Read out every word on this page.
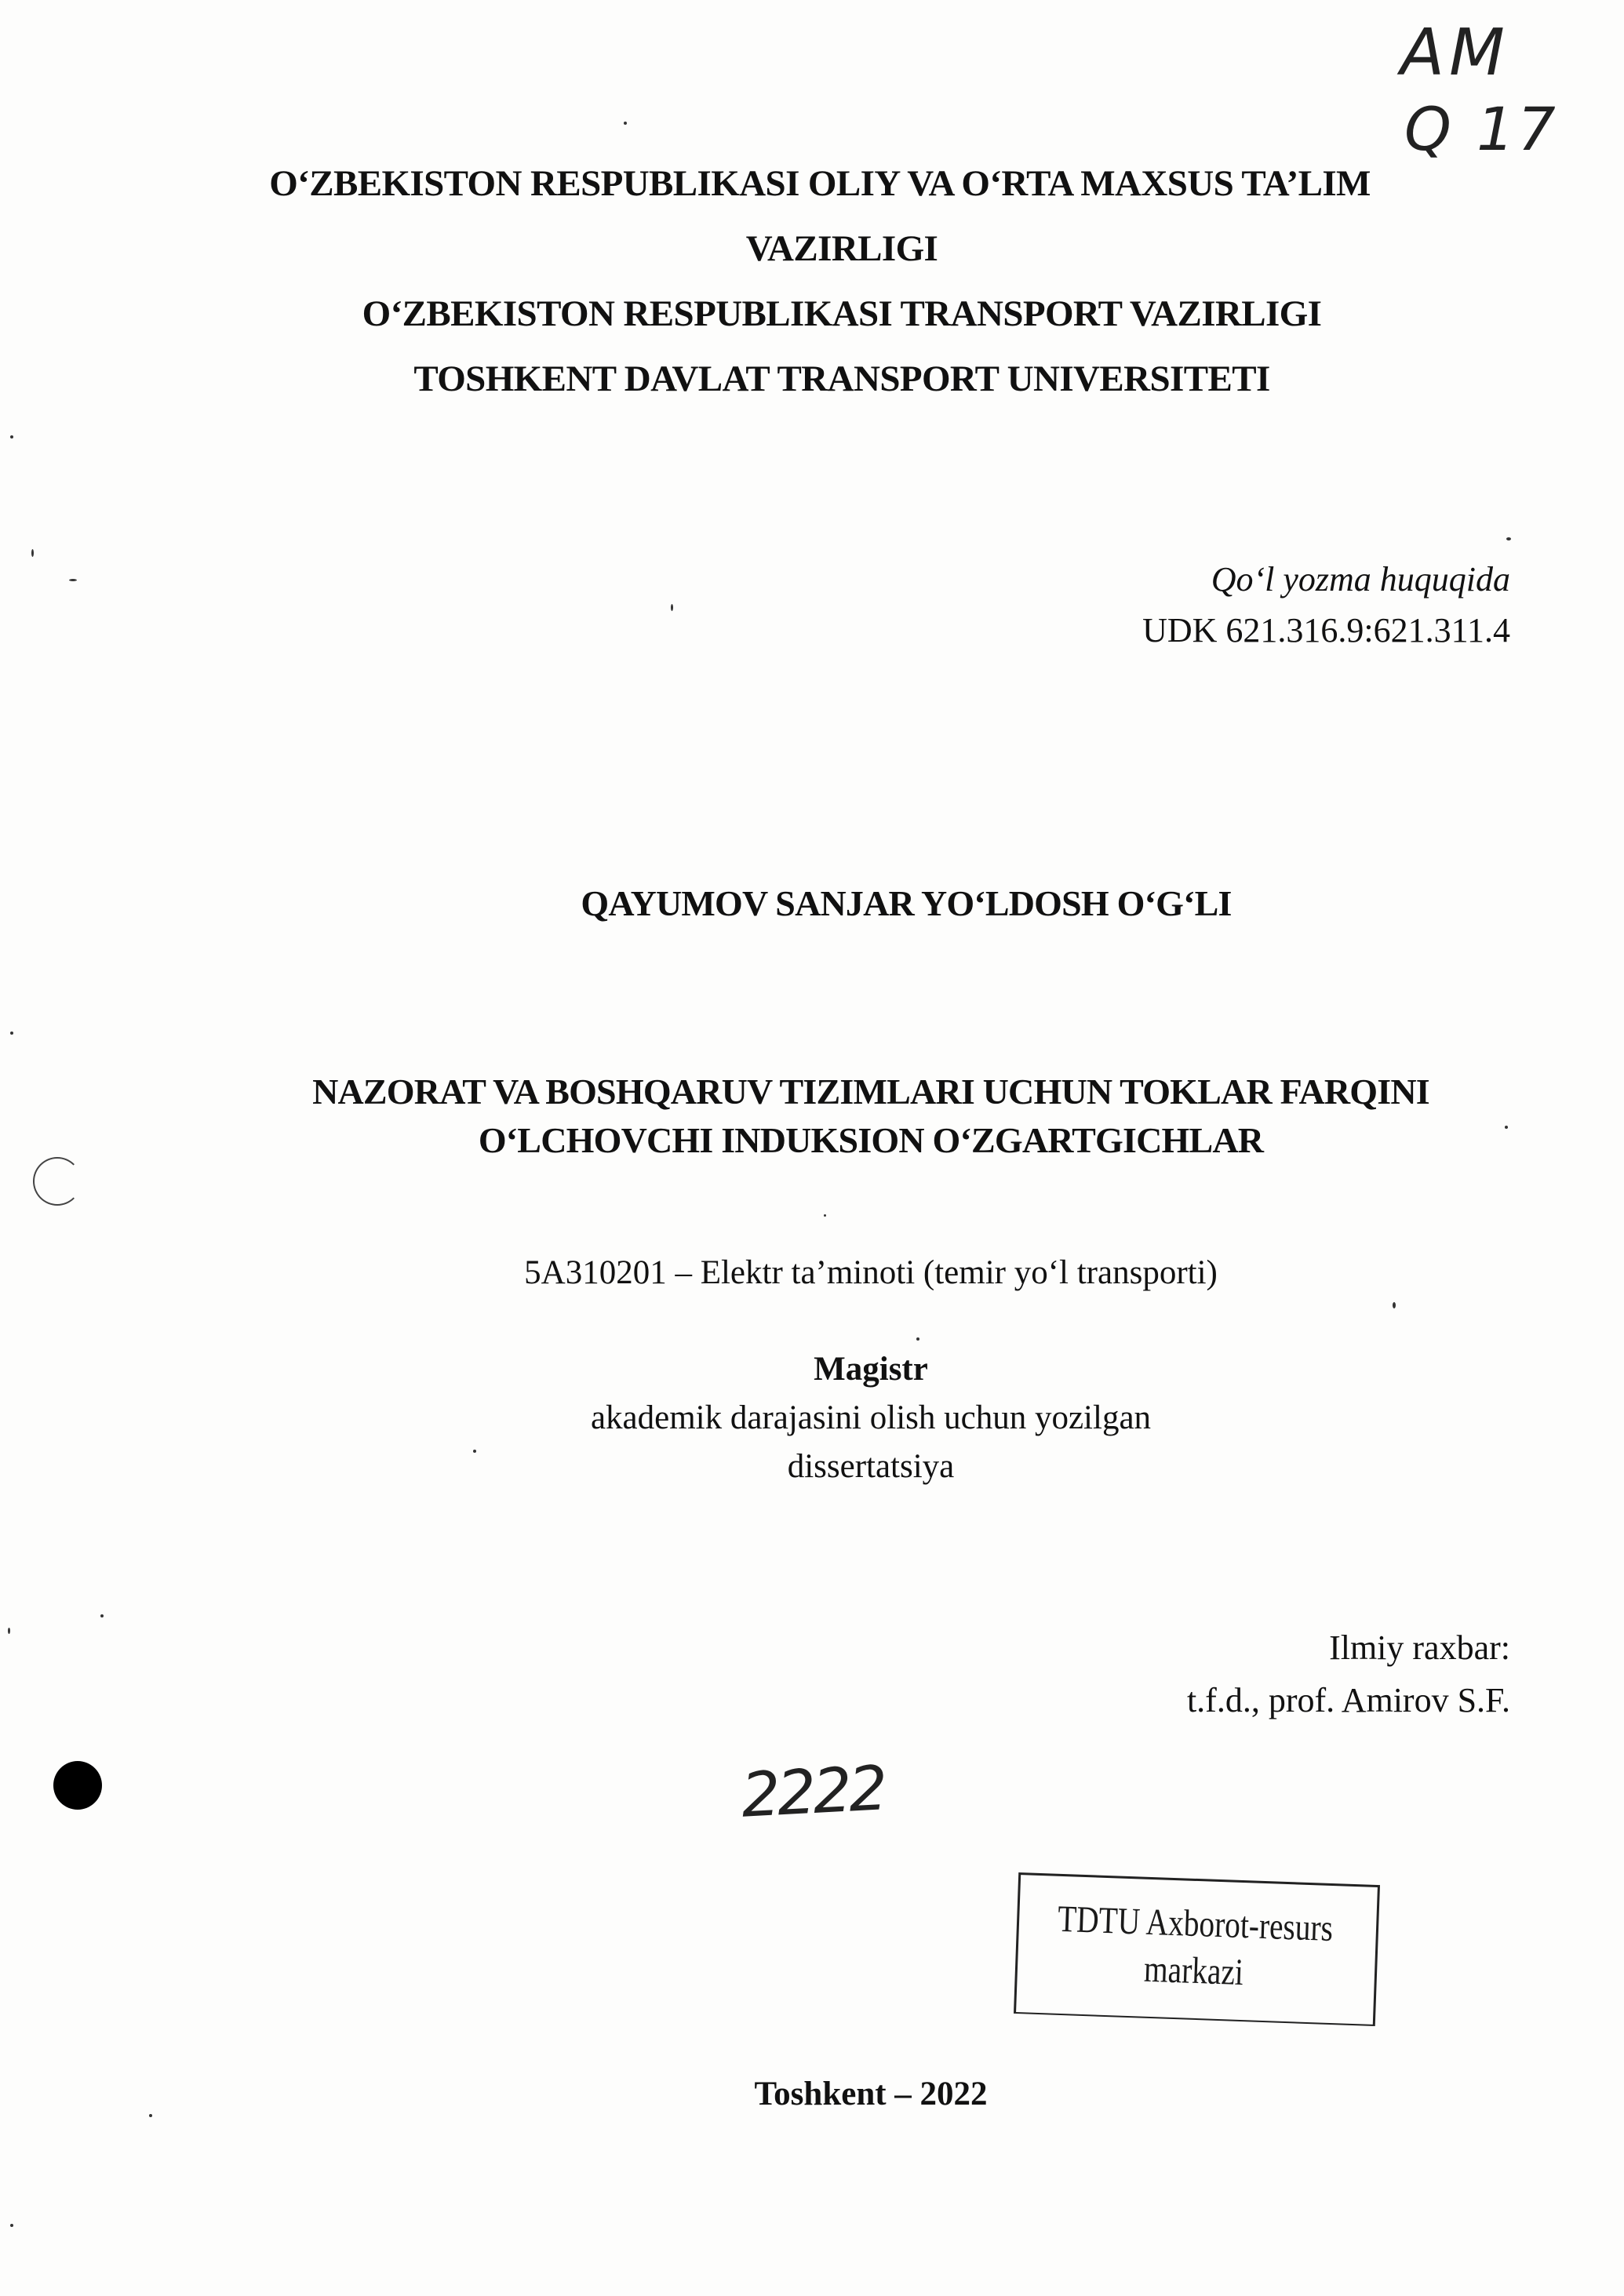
AM
Q 17
O‘ZBEKISTON RESPUBLIKASI OLIY VA O‘RTA MAXSUS TA’LIM
VAZIRLIGI
O‘ZBEKISTON RESPUBLIKASI TRANSPORT VAZIRLIGI
TOSHKENT DAVLAT TRANSPORT UNIVERSITETI
Qo‘l yozma huquqida
UDK 621.316.9:621.311.4
QAYUMOV SANJAR YO‘LDOSH O‘G‘LI
NAZORAT VA BOSHQARUV TIZIMLARI UCHUN TOKLAR FARQINI
O‘LCHOVCHI INDUKSION O‘ZGARTGICHLAR
5A310201 – Elektr ta’minoti (temir yo‘l transporti)
Magistr
akademik darajasini olish uchun yozilgan
dissertatsiya
Ilmiy raxbar:
t.f.d., prof. Amirov S.F.
2222
TDTU Axborot-resurs
markazi
Toshkent – 2022
